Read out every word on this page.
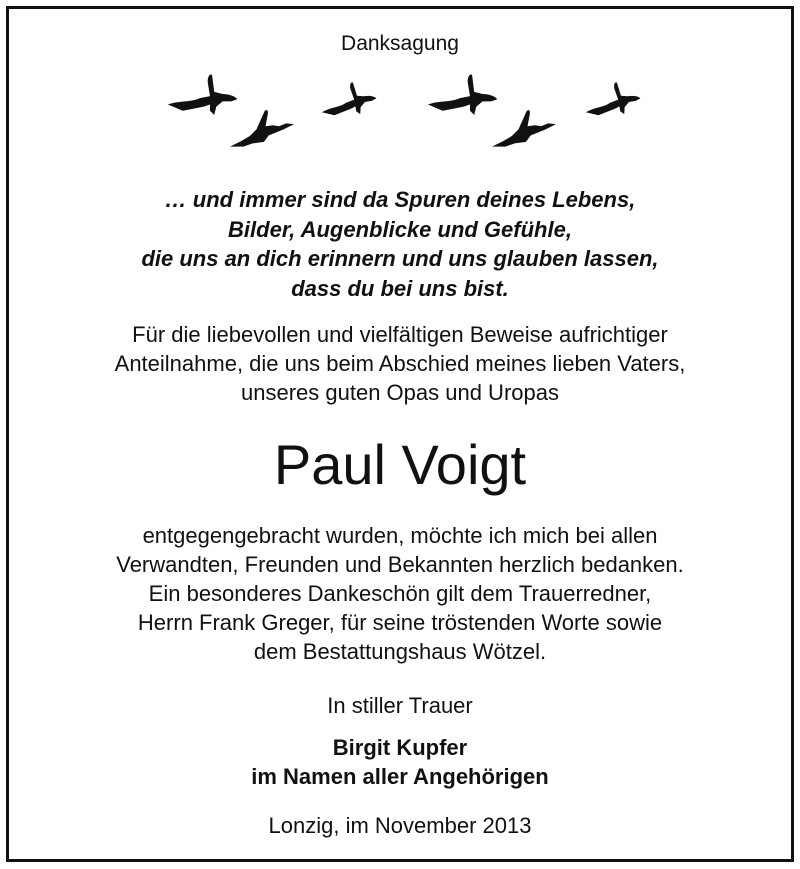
Danksagung
… und immer sind da Spuren deines Lebens,
Bilder, Augenblicke und Gefühle,
die uns an dich erinnern und uns glauben lassen,
dass du bei uns bist.
Für die liebevollen und vielfältigen Beweise aufrichtiger
Anteilnahme, die uns beim Abschied meines lieben Vaters,
unseres guten Opas und Uropas
Paul Voigt
entgegengebracht wurden, möchte ich mich bei allen
Verwandten, Freunden und Bekannten herzlich bedanken.
Ein besonderes Dankeschön gilt dem Trauerredner,
Herrn Frank Greger, für seine tröstenden Worte sowie
dem Bestattungshaus Wötzel.
In stiller Trauer
Birgit Kupfer
im Namen aller Angehörigen
Lonzig, im November 2013
